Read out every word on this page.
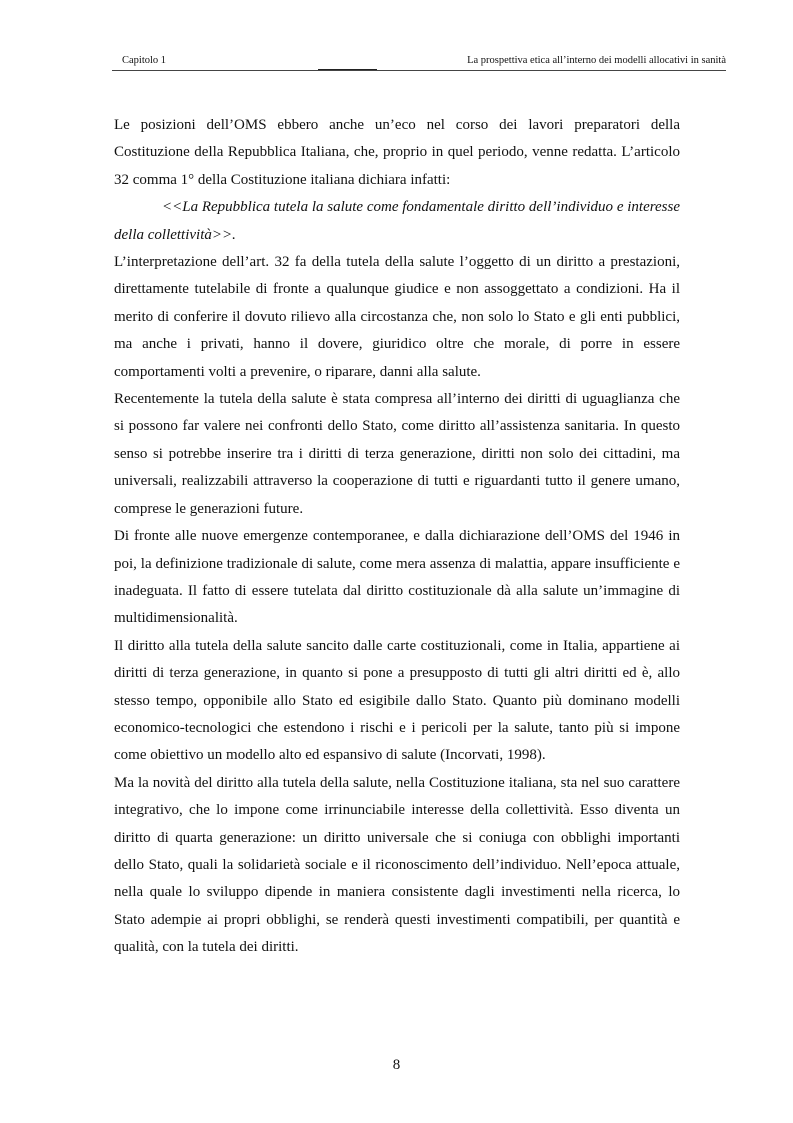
Capitolo 1	La prospettiva etica all’interno dei modelli allocativi in sanità

Le posizioni dell’OMS ebbero anche un’eco nel corso dei lavori preparatori della Costituzione della Repubblica Italiana, che, proprio in quel periodo, venne redatta. L’articolo 32 comma 1° della Costituzione italiana dichiara infatti:

<<La Repubblica tutela la salute come fondamentale diritto dell’individuo e interesse della collettività>>.

L’interpretazione dell’art. 32 fa della tutela della salute l’oggetto di un diritto a prestazioni, direttamente tutelabile di fronte a qualunque giudice e non assoggettato a condizioni. Ha il merito di conferire il dovuto rilievo alla circostanza che, non solo lo Stato e gli enti pubblici, ma anche i privati, hanno il dovere, giuridico oltre che morale, di porre in essere comportamenti volti a prevenire, o riparare, danni alla salute.

Recentemente la tutela della salute è stata compresa all’interno dei diritti di uguaglianza che si possono far valere nei confronti dello Stato, come diritto all’assistenza sanitaria. In questo senso si potrebbe inserire tra i diritti di terza generazione, diritti non solo dei cittadini, ma universali, realizzabili attraverso la cooperazione di tutti e riguardanti tutto il genere umano, comprese le generazioni future.

Di fronte alle nuove emergenze contemporanee, e dalla dichiarazione dell’OMS del 1946 in poi, la definizione tradizionale di salute, come mera assenza di malattia, appare insufficiente e inadeguata. Il fatto di essere tutelata dal diritto costituzionale dà alla salute un’immagine di multidimensionalità.

Il diritto alla tutela della salute sancito dalle carte costituzionali, come in Italia, appartiene ai diritti di terza generazione, in quanto si pone a presupposto di tutti gli altri diritti ed è, allo stesso tempo, opponibile allo Stato ed esigibile dallo Stato. Quanto più dominano modelli economico-tecnologici che estendono i rischi e i pericoli per la salute, tanto più si impone come obiettivo un modello alto ed espansivo di salute (Incorvati, 1998).

Ma la novità del diritto alla tutela della salute, nella Costituzione italiana, sta nel suo carattere integrativo, che lo impone come irrinunciabile interesse della collettività. Esso diventa un diritto di quarta generazione: un diritto universale che si coniuga con obblighi importanti dello Stato, quali la solidarietà sociale e il riconoscimento dell’individuo. Nell’epoca attuale, nella quale lo sviluppo dipende in maniera consistente dagli investimenti nella ricerca, lo Stato adempie ai propri obblighi, se renderà questi investimenti compatibili, per quantità e qualità, con la tutela dei diritti.

8
